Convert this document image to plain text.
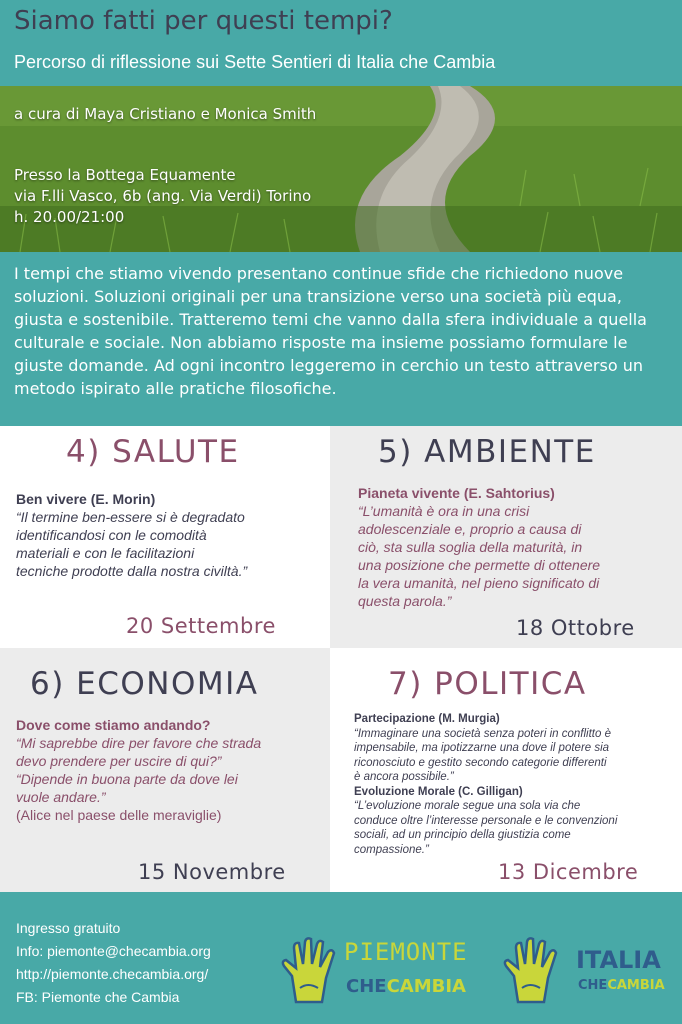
Siamo fatti per questi tempi?
Percorso di riflessione sui Sette Sentieri di Italia che Cambia
a cura di Maya Cristiano e Monica Smith
Presso la Bottega Equamente
via F.lli Vasco, 6b (ang. Via Verdi) Torino
h. 20.00/21:00
I tempi che stiamo vivendo presentano continue sfide che richiedono nuove
soluzioni. Soluzioni originali per una transizione verso una società più equa,
giusta e sostenibile. Tratteremo temi che vanno dalla sfera individuale a quella
culturale e sociale. Non abbiamo risposte ma insieme possiamo formulare le
giuste domande. Ad ogni incontro leggeremo in cerchio un testo attraverso un
metodo ispirato alle pratiche filosofiche.
4) SALUTE
Ben vivere (E. Morin)
“Il termine ben-essere si è degradato
identificandosi con le comodità
materiali e con le facilitazioni
tecniche prodotte dalla nostra civiltà.”
20 Settembre
5) AMBIENTE
Pianeta vivente (E. Sahtorius)
“L’umanità è ora in una crisi
adolescenziale e, proprio a causa di
ciò, sta sulla soglia della maturità, in
una posizione che permette di ottenere
la vera umanità, nel pieno significato di
questa parola.”
18 Ottobre
6) ECONOMIA
Dove come stiamo andando?
“Mi saprebbe dire per favore che strada
devo prendere per uscire di qui?”
“Dipende in buona parte da dove lei
vuole andare.”
(Alice nel paese delle meraviglie)
15 Novembre
7) POLITICA
Partecipazione (M. Murgia)
“Immaginare una società senza poteri in conflitto è
impensabile, ma ipotizzarne una dove il potere sia
riconosciuto e gestito secondo categorie differenti
è ancora possibile.”
Evoluzione Morale (C. Gilligan)
“L’evoluzione morale segue una sola via che
conduce oltre l’interesse personale e le convenzioni
sociali, ad un principio della giustizia come
compassione.”
13 Dicembre
Ingresso gratuito
Info: piemonte@checambia.org
http://piemonte.checambia.org/
FB: Piemonte che Cambia
PIEMONTE
CHECAMBIA
ITALIA
CHECAMBIA
